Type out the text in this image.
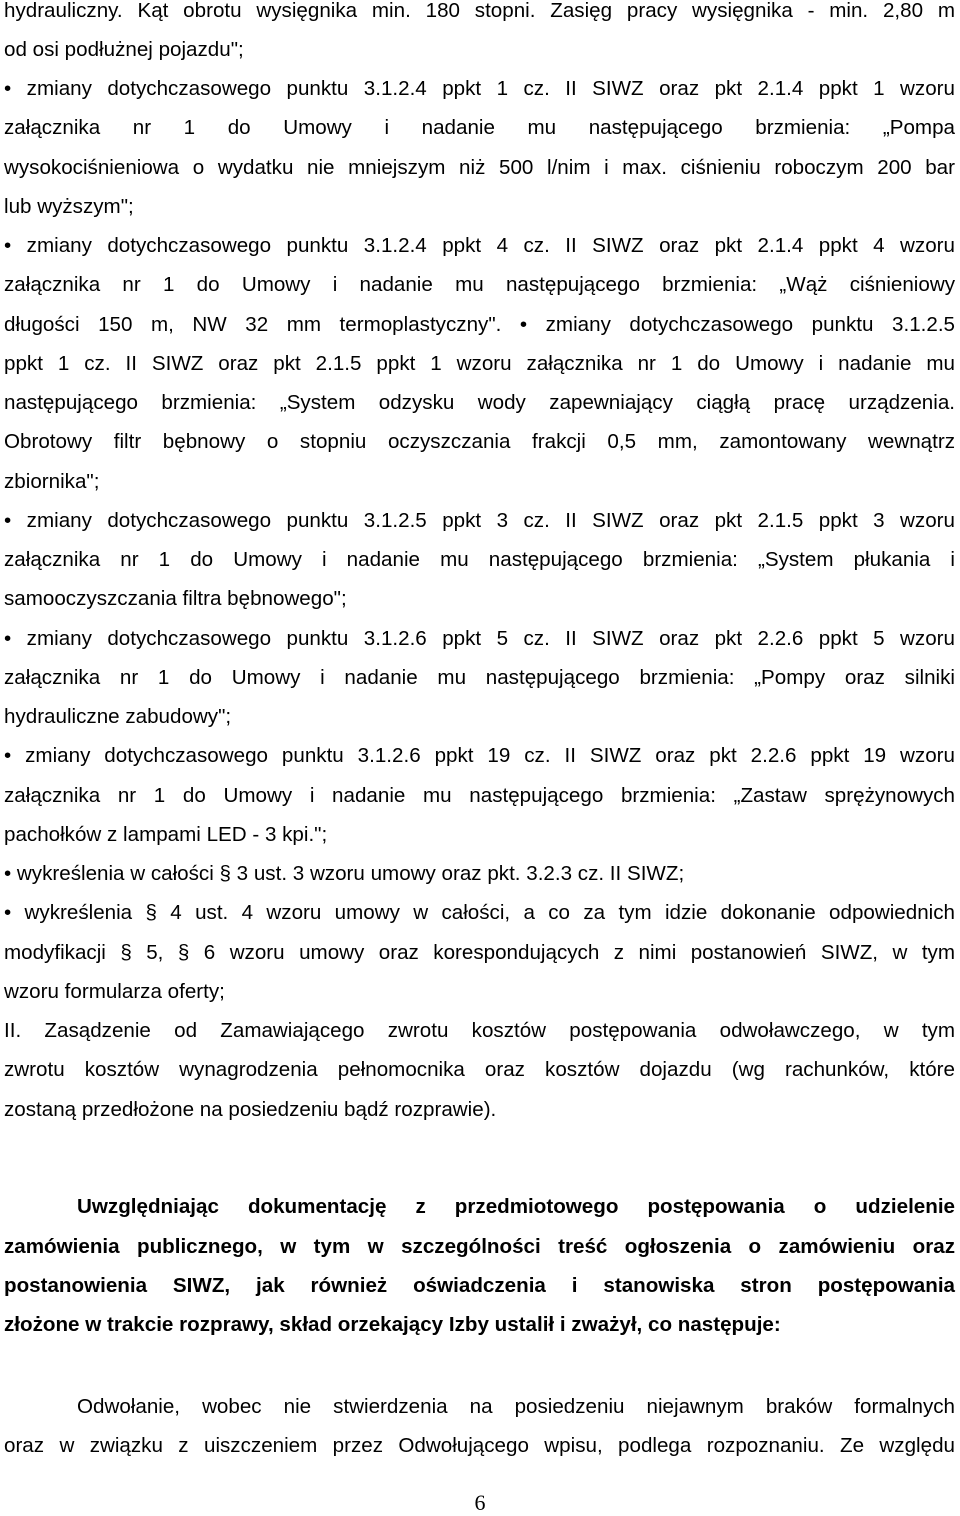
hydrauliczny. Kąt obrotu wysięgnika min. 180 stopni. Zasięg pracy wysięgnika - min. 2,80 m
od osi podłużnej pojazdu";
• zmiany dotychczasowego punktu 3.1.2.4 ppkt 1 cz. II SIWZ oraz pkt 2.1.4 ppkt 1 wzoru
załącznika nr 1 do Umowy i nadanie mu następującego brzmienia: „Pompa
wysokociśnieniowa o wydatku nie mniejszym niż 500 l/nim i max. ciśnieniu roboczym 200 bar
lub wyższym";
• zmiany dotychczasowego punktu 3.1.2.4 ppkt 4 cz. II SIWZ oraz pkt 2.1.4 ppkt 4 wzoru
załącznika nr 1 do Umowy i nadanie mu następującego brzmienia: „Wąż ciśnieniowy
długości 150 m, NW 32 mm termoplastyczny". • zmiany dotychczasowego punktu 3.1.2.5
ppkt 1 cz. II SIWZ oraz pkt 2.1.5 ppkt 1 wzoru załącznika nr 1 do Umowy i nadanie mu
następującego brzmienia: „System odzysku wody zapewniający ciągłą pracę urządzenia.
Obrotowy filtr bębnowy o stopniu oczyszczania frakcji 0,5 mm, zamontowany wewnątrz
zbiornika";
• zmiany dotychczasowego punktu 3.1.2.5 ppkt 3 cz. II SIWZ oraz pkt 2.1.5 ppkt 3 wzoru
załącznika nr 1 do Umowy i nadanie mu następującego brzmienia: „System płukania i
samooczyszczania filtra bębnowego";
• zmiany dotychczasowego punktu 3.1.2.6 ppkt 5 cz. II SIWZ oraz pkt 2.2.6 ppkt 5 wzoru
załącznika nr 1 do Umowy i nadanie mu następującego brzmienia: „Pompy oraz silniki
hydrauliczne zabudowy";
• zmiany dotychczasowego punktu 3.1.2.6 ppkt 19 cz. II SIWZ oraz pkt 2.2.6 ppkt 19 wzoru
załącznika nr 1 do Umowy i nadanie mu następującego brzmienia: „Zastaw sprężynowych
pachołków z lampami LED - 3 kpi.";
• wykreślenia w całości § 3 ust. 3 wzoru umowy oraz pkt. 3.2.3 cz. II SIWZ;
• wykreślenia § 4 ust. 4 wzoru umowy w całości, a co za tym idzie dokonanie odpowiednich
modyfikacji § 5, § 6 wzoru umowy oraz korespondujących z nimi postanowień SIWZ, w tym
wzoru formularza oferty;
II. Zasądzenie od Zamawiającego zwrotu kosztów postępowania odwoławczego, w tym
zwrotu kosztów wynagrodzenia pełnomocnika oraz kosztów dojazdu (wg rachunków, które
zostaną przedłożone na posiedzeniu bądź rozprawie).
Uwzględniając dokumentację z przedmiotowego postępowania o udzielenie
zamówienia publicznego, w tym w szczególności treść ogłoszenia o zamówieniu oraz
postanowienia SIWZ, jak również oświadczenia i stanowiska stron postępowania
złożone w trakcie rozprawy, skład orzekający Izby ustalił i zważył, co następuje:
Odwołanie, wobec nie stwierdzenia na posiedzeniu niejawnym braków formalnych
oraz w związku z uiszczeniem przez Odwołującego wpisu, podlega rozpoznaniu. Ze względu
6
